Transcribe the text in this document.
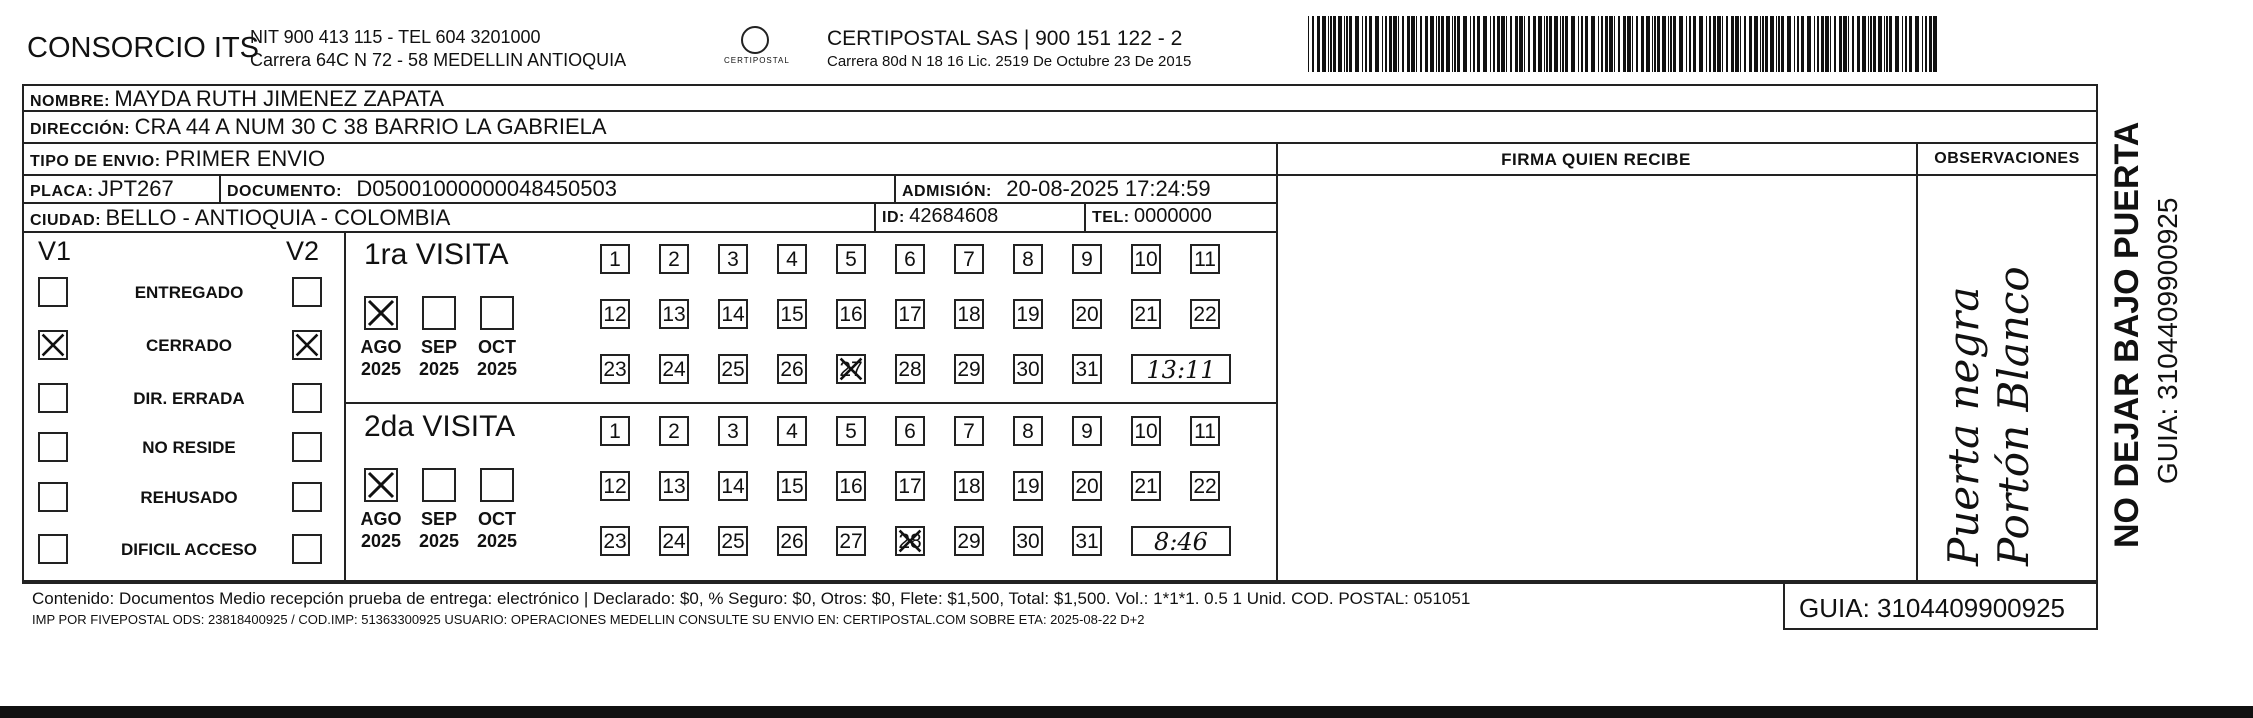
CONSORCIO ITS
NIT 900 413 115 - TEL 604 3201000
Carrera 64C N 72 - 58 MEDELLIN ANTIOQUIA	CERTIPOSTAL
CERTIPOSTAL SAS | 900 151 122 - 2
Carrera 80d N 18 16 Lic. 2519 De Octubre 23 De 2015
NOMBRE: MAYDA RUTH JIMENEZ ZAPATA
DIRECCIÓN: CRA 44 A NUM 30 C 38 BARRIO LA GABRIELA
TIPO DE ENVIO: PRIMER ENVIO
PLACA: JPT267	DOCUMENTO: D05001000000048450503	ADMISIÓN: 20-08-2025 17:24:59
CIUDAD: BELLO - ANTIOQUIA - COLOMBIA	ID: 42684608	TEL: 0000000
FIRMA QUIEN RECIBE	OBSERVACIONES
Puerta negra Portón Blanco
V1	V2
ENTREGADO
CERRADO
DIR. ERRADA
NO RESIDE
REHUSADO
DIFICIL ACCESO
1ra VISITA
AGO
2025
SEP
2025
OCT
2025
1	2	3	4	5	6	7	8	9	10 11
12 13 14 15 16 17 18 19 20 21 22
23 24 25 26 27 28 29 30 31	13:11
2da VISITA
AGO
2025
SEP
2025
OCT
2025
1	2	3	4	5	6	7	8	9	10 11
12 13 14 15 16 17 18 19 20 21 22
23 24 25 26 27 28 29 30 31	8:46
Contenido: Documentos Medio recepción prueba de entrega: electrónico | Declarado: $0, % Seguro: $0, Otros: $0, Flete: $1,500, Total: $1,500. Vol.: 1*1*1. 0.5 1 Unid. COD. POSTAL: 051051
IMP POR FIVEPOSTAL ODS: 23818400925 / COD.IMP: 51363300925 USUARIO: OPERACIONES MEDELLIN CONSULTE SU ENVIO EN: CERTIPOSTAL.COM SOBRE ETA: 2025-08-22 D+2	GUIA: 3104409900925
NO DEJAR BAJO PUERTA GUIA: 3104409900925
